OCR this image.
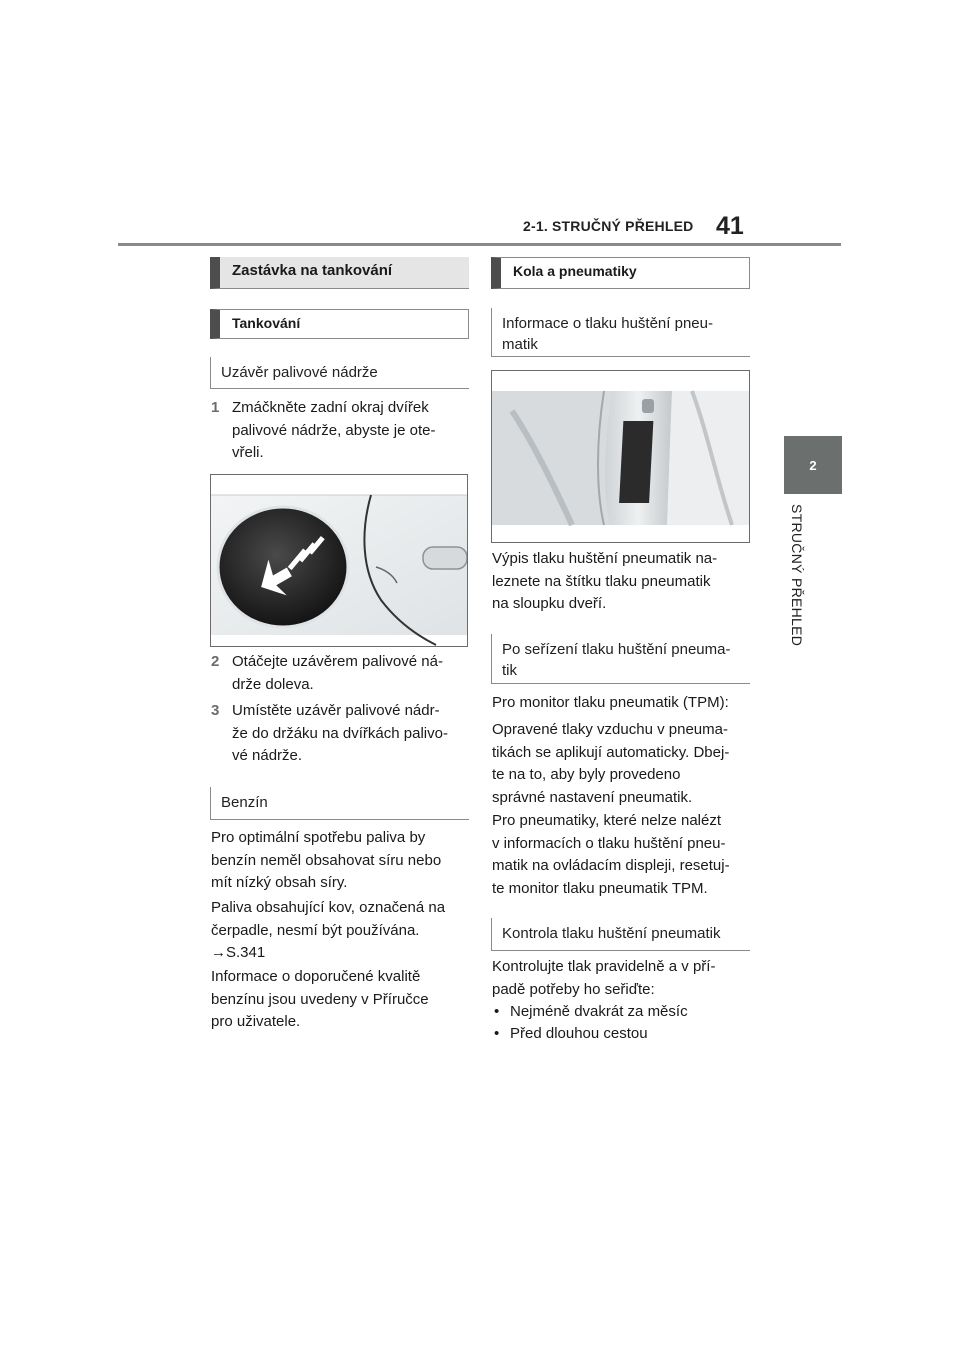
2-1. STRUČNÝ PŘEHLED 41
2
STRUČNÝ PŘEHLED
Zastávka na tankování
Tankování
Uzávěr palivové nádrže
1 Zmáčkněte zadní okraj dvířek
palivové nádrže, abyste je ote-
vřeli.
2 Otáčejte uzávěrem palivové ná-
drže doleva.
3 Umístěte uzávěr palivové nádr-
že do držáku na dvířkách palivo-
vé nádrže.
Benzín
Pro optimální spotřebu paliva by
benzín neměl obsahovat síru nebo
mít nízký obsah síry.
Paliva obsahující kov, označená na
čerpadle, nesmí být používána.
→S.341
Informace o doporučené kvalitě
benzínu jsou uvedeny v Příručce
pro uživatele.
Kola a pneumatiky
Informace o tlaku huštění pneu-
matik
Výpis tlaku huštění pneumatik na-
leznete na štítku tlaku pneumatik
na sloupku dveří.
Po seřízení tlaku huštění pneuma-
tik
Pro monitor tlaku pneumatik (TPM):
Opravené tlaky vzduchu v pneuma-
tikách se aplikují automaticky. Dbej-
te na to, aby byly provedeno
správné nastavení pneumatik.
Pro pneumatiky, které nelze nalézt
v informacích o tlaku huštění pneu-
matik na ovládacím displeji, resetuj-
te monitor tlaku pneumatik TPM.
Kontrola tlaku huštění pneumatik
Kontrolujte tlak pravidelně a v pří-
padě potřeby ho seřiďte:
• Nejméně dvakrát za měsíc
• Před dlouhou cestou
